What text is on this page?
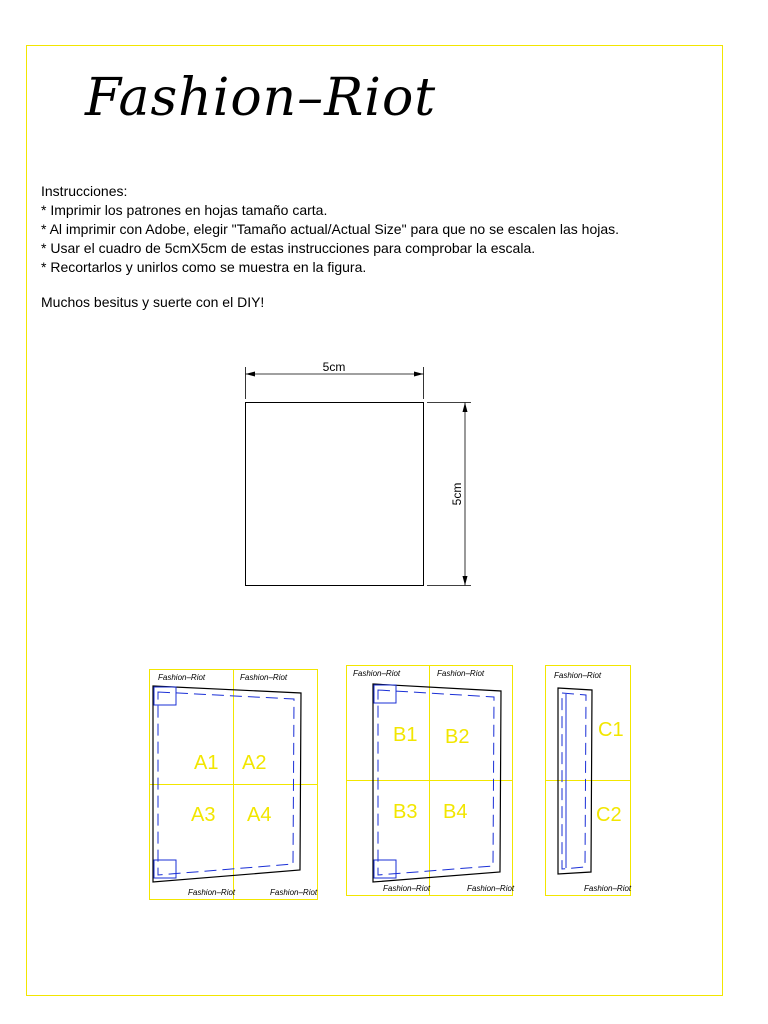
Fashion–Riot
Instrucciones:
* Imprimir los patrones en hojas tamaño carta.
* Al imprimir con Adobe, elegir "Tamaño actual/Actual Size" para que no se escalen las hojas.
* Usar el cuadro de 5cmX5cm de estas instrucciones para comprobar la escala.
* Recortarlos y unirlos como se muestra en la figura.
Muchos besitus y suerte con el DIY!
5cm
5cm
Fashion–Riot	Fashion–Riot
Fashion–Riot	Fashion–Riot
A1 A2
A3 A4
Fashion–Riot	Fashion–Riot
Fashion–Riot	Fashion–Riot
B1 B2
B3 B4
Fashion–Riot
Fashion–Riot
C1
C2
